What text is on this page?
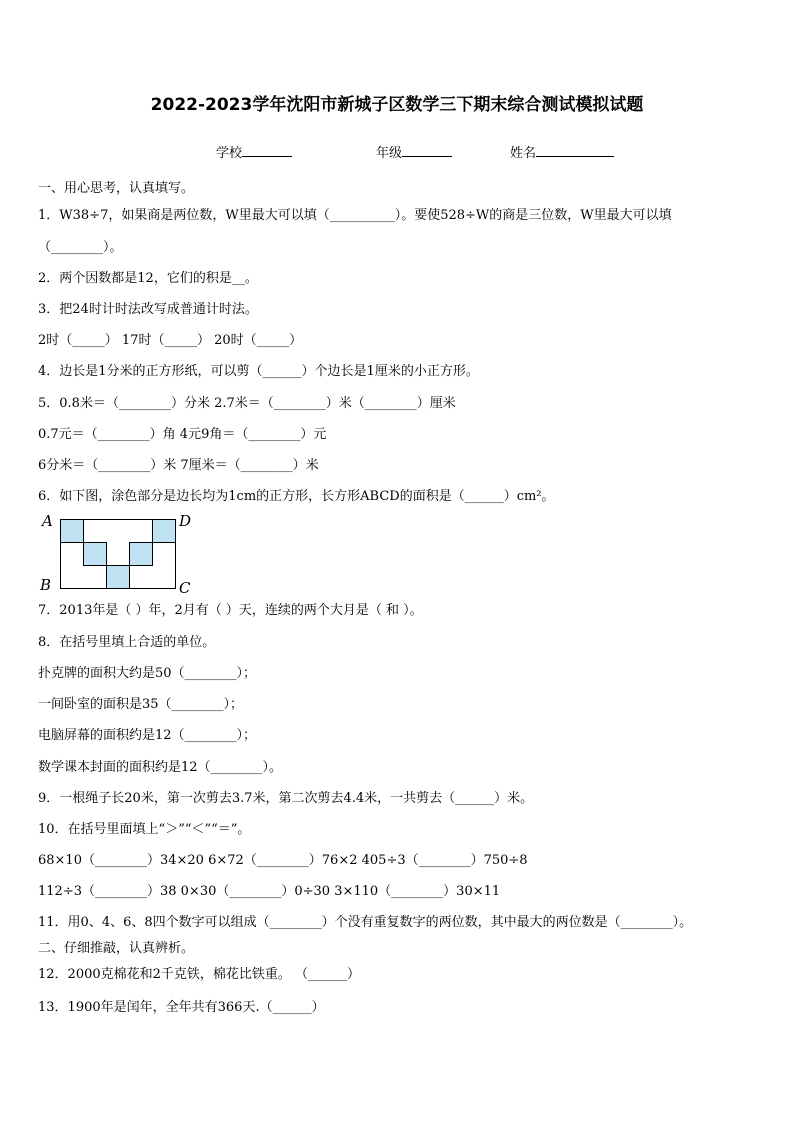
2022-2023学年沈阳市新城子区数学三下期末综合测试模拟试题
学校	年级	姓名
一、用心思考，认真填写。
1．W38÷7，如果商是两位数，W里最大可以填（__________）。要使528÷W的商是三位数，W里最大可以填
（________）。
2．两个因数都是12，它们的积是__。
3．把24时计时法改写成普通计时法。
2时（_____） 17时（_____） 20时（_____）
4．边长是1分米的正方形纸，可以剪（______）个边长是1厘米的小正方形。
5．0.8米＝（________）分米 2.7米＝（________）米（________）厘米
0.7元＝（________）角 4元9角＝（________）元
6分米＝（________）米 7厘米＝（________）米
6．如下图，涂色部分是边长均为1cm的正方形，长方形ABCD的面积是（______）cm²。
A
B	C
D
7．2013年是（ ）年，2月有（ ）天，连续的两个大月是（ 和 ）。
8．在括号里填上合适的单位。
扑克牌的面积大约是50（________）；
一间卧室的面积是35（________）；
电脑屏幕的面积约是12（________）；
数学课本封面的面积约是12（________）。
9．一根绳子长20米，第一次剪去3.7米，第二次剪去4.4米，一共剪去（______）米。
10．在括号里面填上“＞”“＜”“＝”。
68×10（________）34×20 6×72（________）76×2 405÷3（________）750÷8
112÷3（________）38 0×30（________）0÷30 3×110（________）30×11
11．用0、4、6、8四个数字可以组成（________）个没有重复数字的两位数，其中最大的两位数是（________）。
二、仔细推敲，认真辨析。
12．2000克棉花和2千克铁，棉花比铁重。 （______）
13．1900年是闰年，全年共有366天.（______）
